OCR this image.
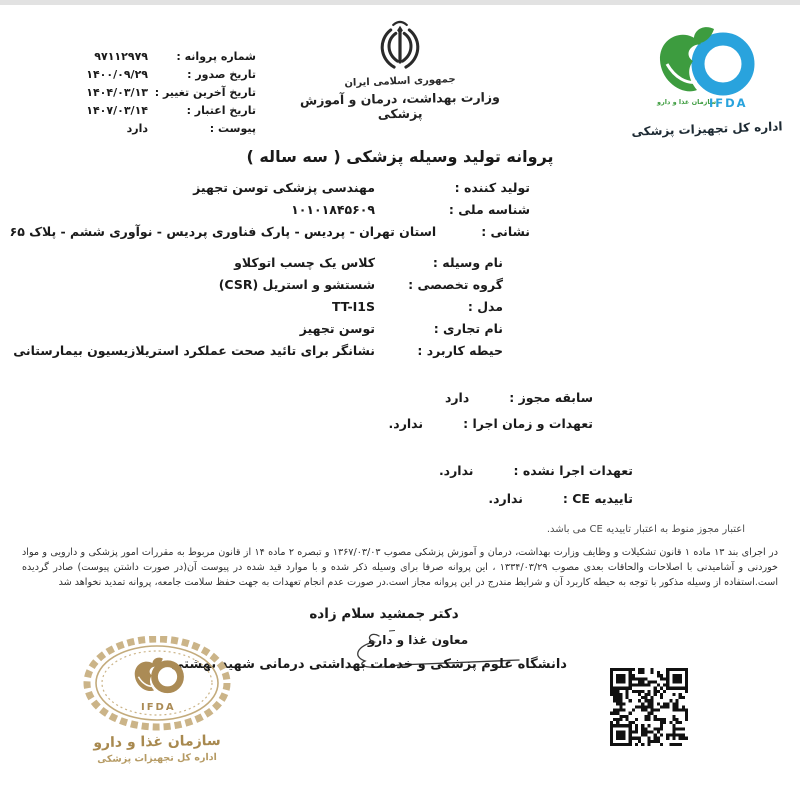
شماره پروانه :
۹۷۱۱۲۹۷۹
تاریخ صدور :
۱۴۰۰/۰۹/۲۹
تاریخ آخرین تغییر :
۱۴۰۴/۰۳/۱۳
تاریخ اعتبار :
۱۴۰۷/۰۳/۱۴
پیوست :
دارد
جمهوری اسلامی ایران
وزارت بهداشت، درمان و آموزش پزشکی
سازمان غذا و دارو
IFDA
اداره کل تجهیزات پزشکی
پروانه تولید وسیله پزشکی ( سه ساله )
تولید کننده :
مهندسی پزشکی توسن تجهیز
شناسه ملی :
۱۰۱۰۱۸۴۵۶۰۹
نشانی :
استان تهران - پردیس - پارک فناوری پردیس - نوآوری ششم - پلاک ۶۵
نام وسیله :
کلاس یک چسب اتوکلاو
گروه تخصصی :
شستشو و استریل (CSR)
مدل :
TT-I1S
نام تجاری :
توسن تجهیز
حیطه کاربرد :
نشانگر برای تائید صحت عملکرد استریلازیسیون بیمارستانی
سابقه مجوز :
دارد
تعهدات و زمان اجرا :
ندارد.
تعهدات اجرا نشده :
ندارد.
تاییدیه CE :
ندارد.
اعتبار مجوز منوط به اعتبار تاییدیه CE می باشد.
در اجرای بند ۱۳ ماده ۱ قانون تشکیلات و وظایف وزارت بهداشت، درمان و آموزش پزشکی مصوب ۱۳۶۷/۰۳/۰۳ و تبصره ۲ ماده ۱۴ از قانون مربوط به مقررات امور پزشکی و دارویی و مواد خوردنی و آشامیدنی با اصلاحات والحاقات بعدی مصوب ۱۳۳۴/۰۳/۲۹ ، این پروانه صرفا برای وسیله ذکر شده و با موارد قید شده در پیوست آن(در صورت داشتن پیوست) صادر گردیده است.استفاده از وسیله مذکور با توجه به حیطه کاربرد آن و شرایط مندرج در این پروانه مجاز است.در صورت عدم انجام تعهدات به جهت حفظ سلامت جامعه، پروانه تمدید نخواهد شد
دکتر جمشید سلام زاده
معاون غذا و دارو
دانشگاه علوم پزشکی و خدمات بهداشتی درمانی شهید بهشتی
IFDA
سازمان غذا و دارو
اداره کل تجهیزات پزشکی
